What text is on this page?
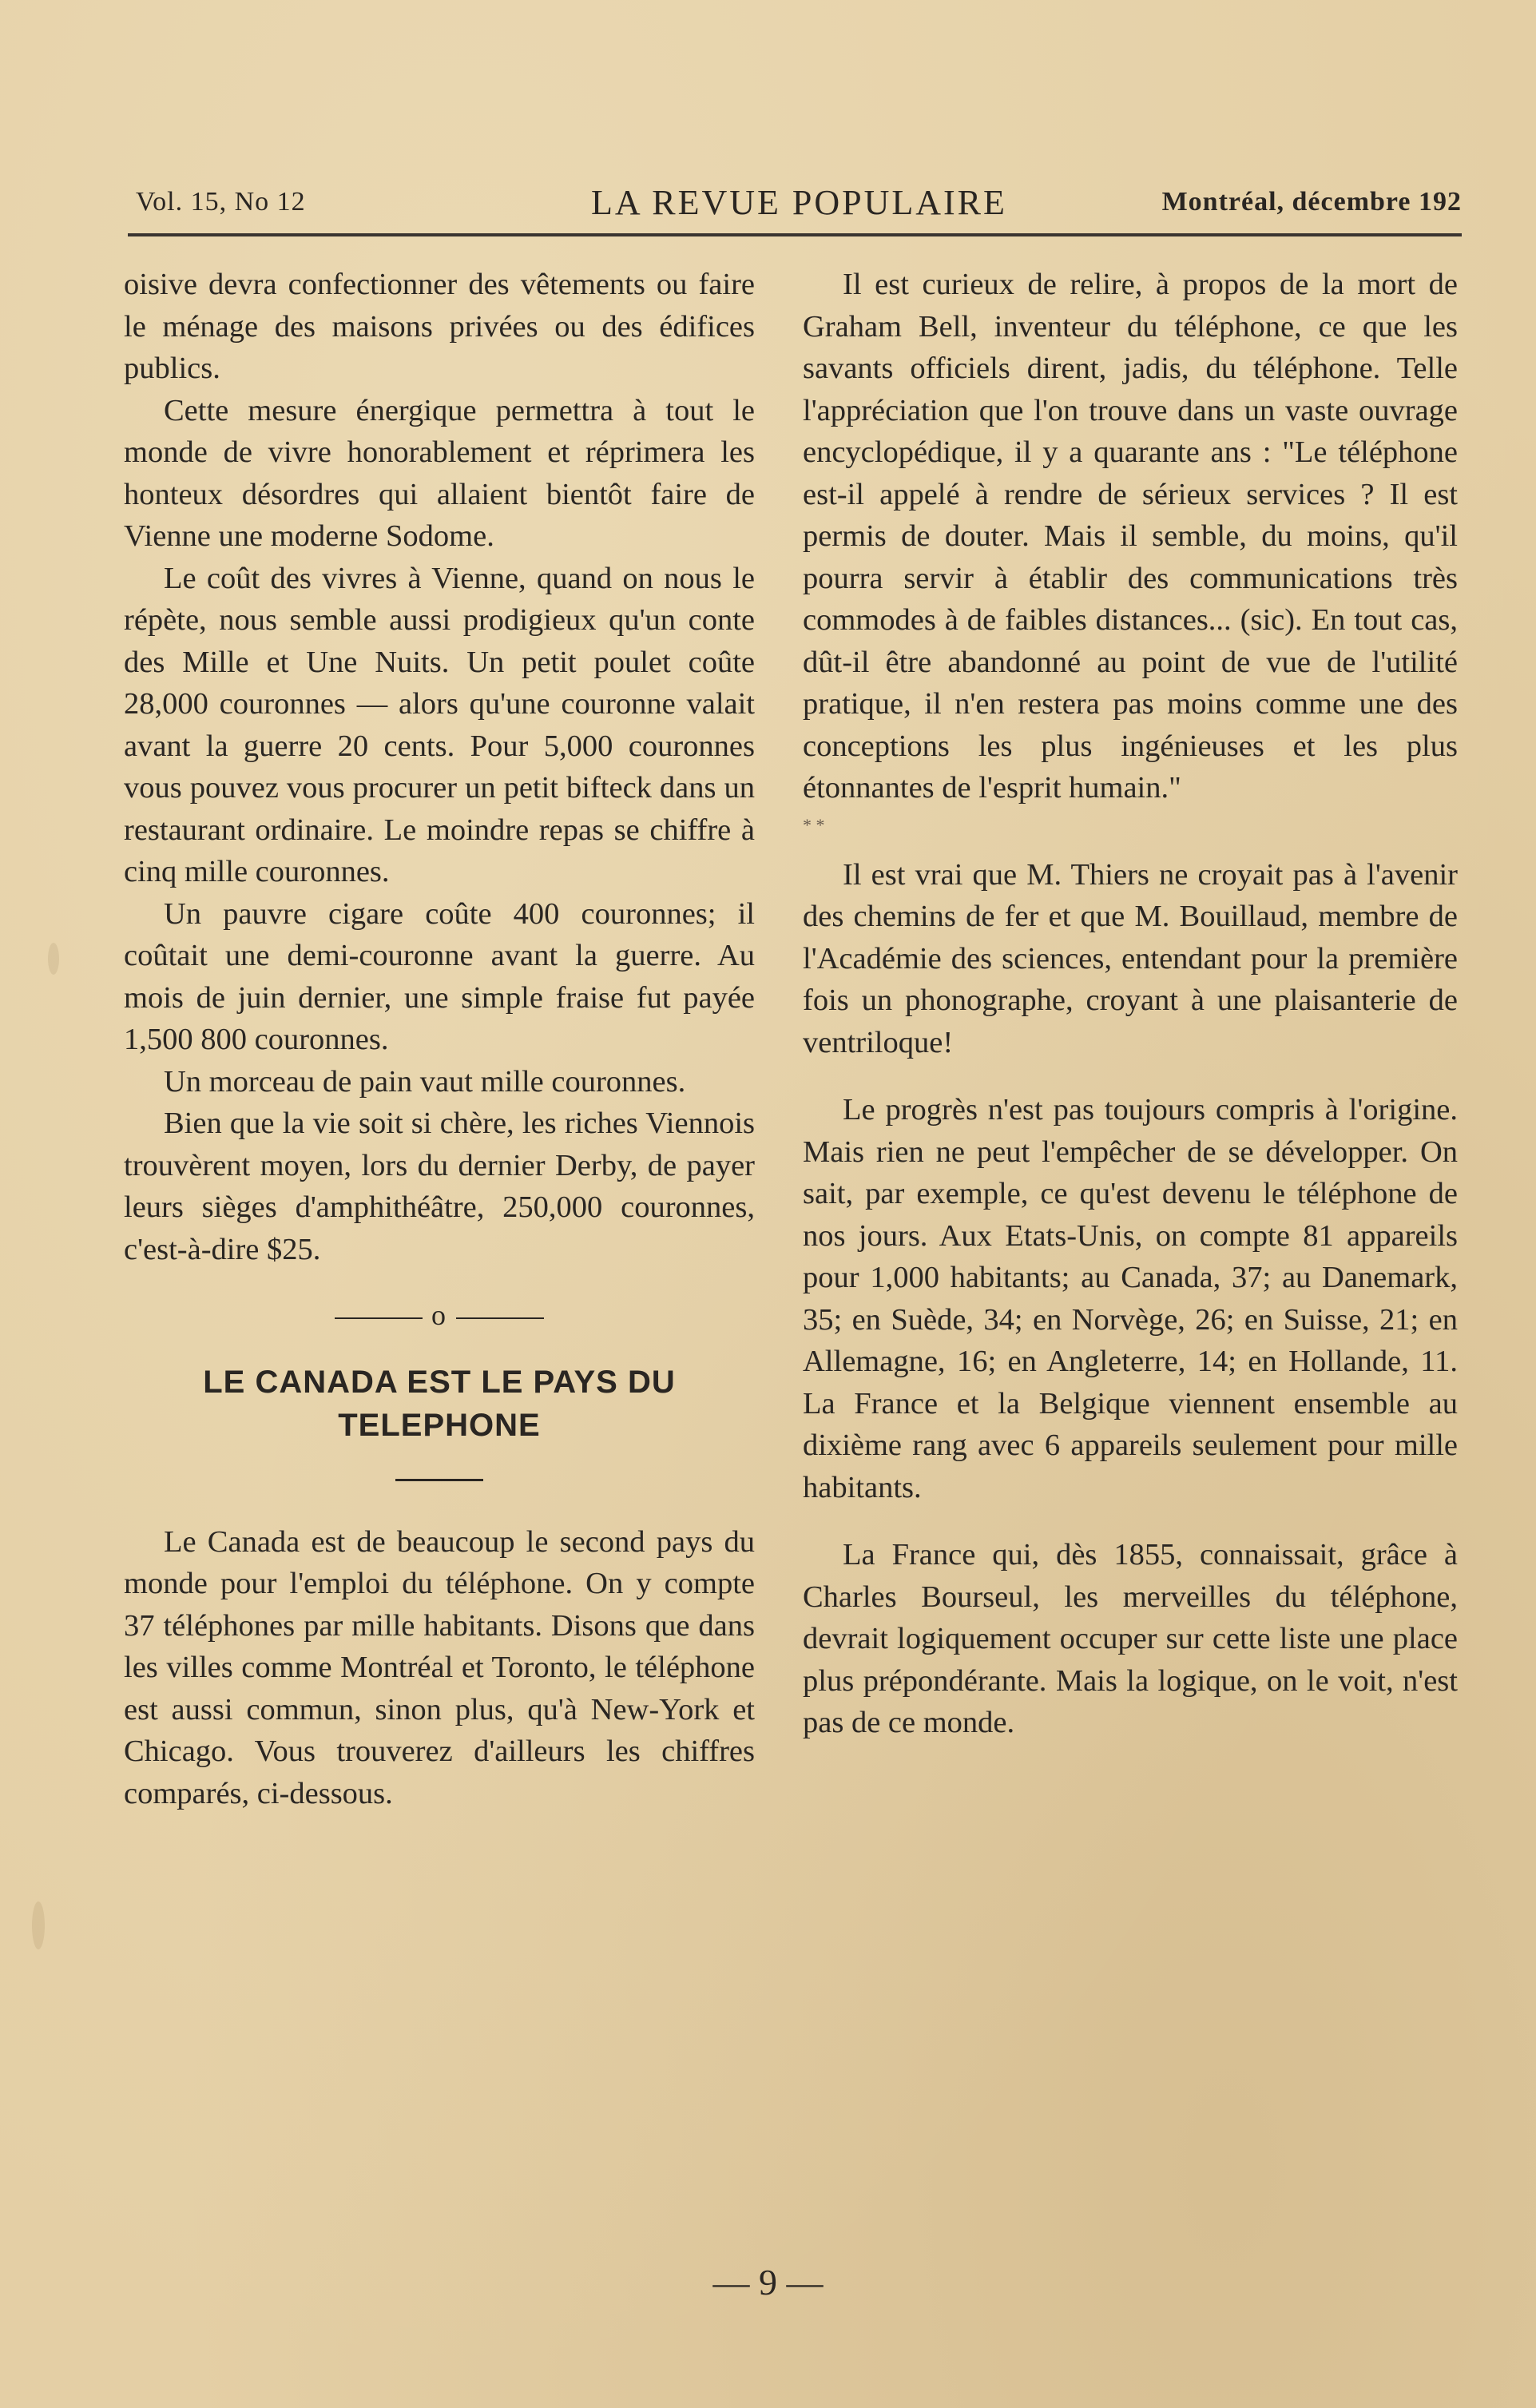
Vol. 15, No 12	LA REVUE POPULAIRE	Montréal, décembre 192

oisive devra confectionner des vêtements ou faire le ménage des maisons privées ou des édifices publics.

Cette mesure énergique permettra à tout le monde de vivre honorablement et réprimera les honteux désordres qui allaient bientôt faire de Vienne une moderne Sodome.

Le coût des vivres à Vienne, quand on nous le répète, nous semble aussi prodigieux qu'un conte des Mille et Une Nuits. Un petit poulet coûte 28,000 couronnes — alors qu'une couronne valait avant la guerre 20 cents. Pour 5,000 couronnes vous pouvez vous procurer un petit bifteck dans un restaurant ordinaire. Le moindre repas se chiffre à cinq mille couronnes.

Un pauvre cigare coûte 400 couronnes; il coûtait une demi-couronne avant la guerre. Au mois de juin dernier, une simple fraise fut payée 1,500 800 couronnes.

Un morceau de pain vaut mille couronnes.

Bien que la vie soit si chère, les riches Viennois trouvèrent moyen, lors du dernier Derby, de payer leurs sièges d'amphithéâtre, 250,000 couronnes, c'est-à-dire $25.

o
LE CANADA EST LE PAYS DU TELEPHONE

Le Canada est de beaucoup le second pays du monde pour l'emploi du téléphone. On y compte 37 téléphones par mille habitants. Disons que dans les villes comme Montréal et Toronto, le téléphone est aussi commun, sinon plus, qu'à New-York et Chicago. Vous trouverez d'ailleurs les chiffres comparés, ci-dessous.

Il est curieux de relire, à propos de la mort de Graham Bell, inventeur du téléphone, ce que les savants officiels dirent, jadis, du téléphone. Telle l'appréciation que l'on trouve dans un vaste ouvrage encyclopédique, il y a quarante ans : "Le téléphone est-il appelé à rendre de sérieux services ? Il est permis de douter. Mais il semble, du moins, qu'il pourra servir à établir des communications très commodes à de faibles distances... (sic). En tout cas, dût-il être abandonné au point de vue de l'utilité pratique, il n'en restera pas moins comme une des conceptions les plus ingénieuses et les plus étonnantes de l'esprit humain."

* *

Il est vrai que M. Thiers ne croyait pas à l'avenir des chemins de fer et que M. Bouillaud, membre de l'Académie des sciences, entendant pour la première fois un phonographe, croyant à une plaisanterie de ventriloque!

Le progrès n'est pas toujours compris à l'origine. Mais rien ne peut l'empêcher de se développer. On sait, par exemple, ce qu'est devenu le téléphone de nos jours. Aux Etats-Unis, on compte 81 appareils pour 1,000 habitants; au Canada, 37; au Danemark, 35; en Suède, 34; en Norvège, 26; en Suisse, 21; en Allemagne, 16; en Angleterre, 14; en Hollande, 11. La France et la Belgique viennent ensemble au dixième rang avec 6 appareils seulement pour mille habitants.

La France qui, dès 1855, connaissait, grâce à Charles Bourseul, les merveilles du téléphone, devrait logiquement occuper sur cette liste une place plus prépondérante. Mais la logique, on le voit, n'est pas de ce monde.

— 9 —
